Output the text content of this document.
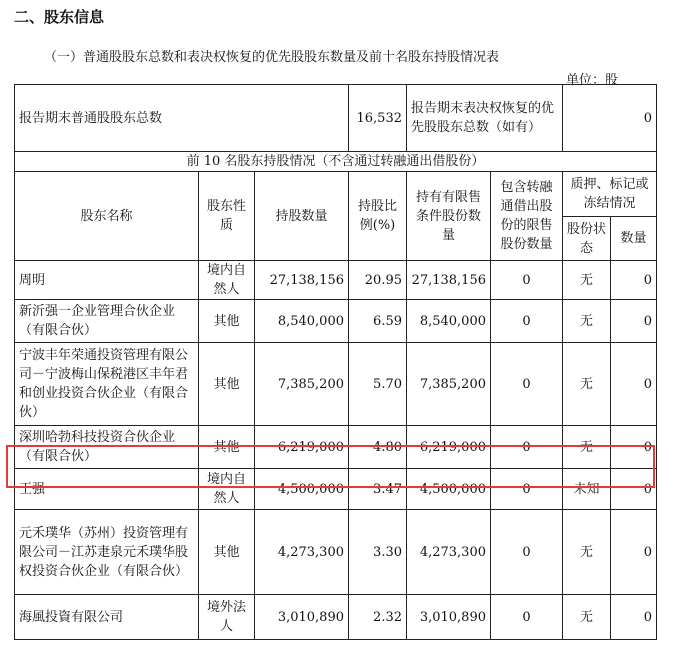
二、股东信息
（一）普通股股东总数和表决权恢复的优先股股东数量及前十名股东持股情况表
单位：股
报告期末普通股股东总数			16,532	报告期末表决权恢复的优先股股东总数（如有）		0	
前 10 名股东持股情况（不含通过转融通出借股份）							
股东名称	股东性质	持股数量	持股比例(%)	持有有限售条件股份数量	包含转融通借出股份的限售股份数量	质押、标记或冻结情况	
						股份状态	数量
周明	境内自然人	27,138,156	20.95	27,138,156	0	无	0
新沂强一企业管理合伙企业（有限合伙）	其他	8,540,000	6.59	8,540,000	0	无	0
宁波丰年荣通投资管理有限公司－宁波梅山保税港区丰年君和创业投资合伙企业（有限合伙）	其他	7,385,200	5.70	7,385,200	0	无	0
深圳哈勃科技投资合伙企业（有限合伙）	其他	6,219,000	4.80	6,219,000	0	无	0
王强	境内自然人	4,500,000	3.47	4,500,000	0	未知	0
元禾璞华（苏州）投资管理有限公司－江苏疌泉元禾璞华股权投资合伙企业（有限合伙）	其他	4,273,300	3.30	4,273,300	0	无	0
海風投資有限公司	境外法人	3,010,890	2.32	3,010,890	0	无	0
